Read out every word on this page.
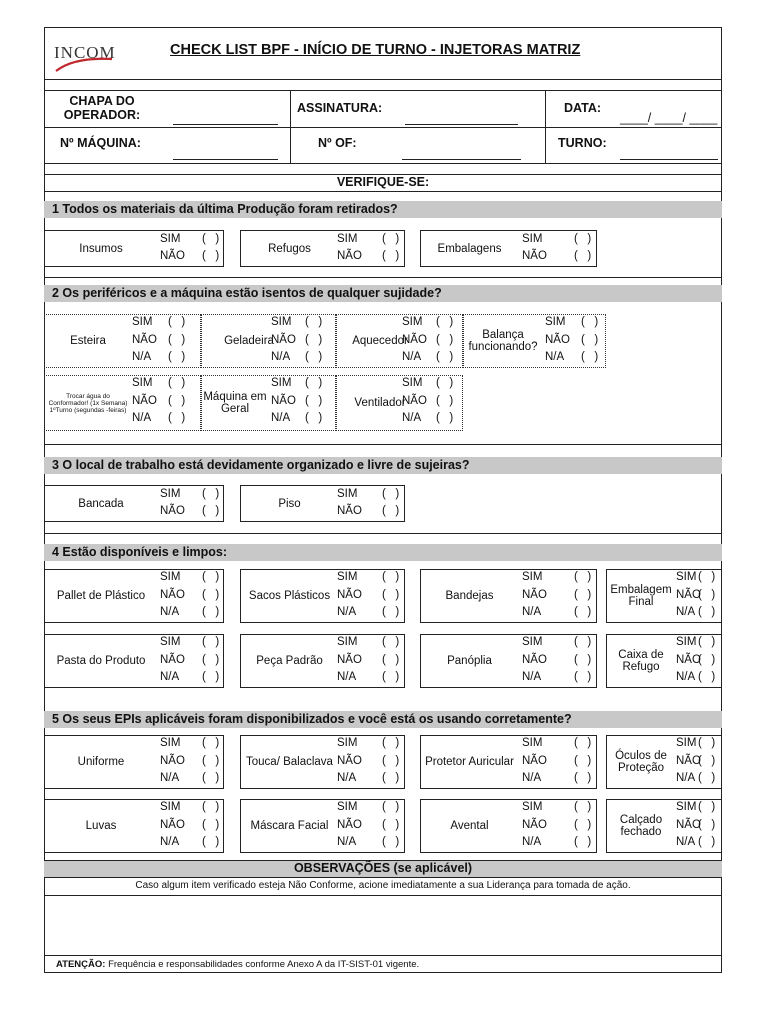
INCOM	CHECK LIST BPF - INÍCIO DE TURNO - INJETORAS MATRIZ
CHAPA DO
OPERADOR:	ASSINATURA:	DATA:
____/ ____/ ____
Nº MÁQUINA:	Nº OF:	TURNO:
VERIFIQUE-SE:
1 Todos os materiais da última Produção foram retirados?
2 Os periféricos e a máquina estão isentos de qualquer sujidade?
3 O local de trabalho está devidamente organizado e livre de sujeiras?
4 Estão disponíveis e limpos:
5 Os seus EPIs aplicáveis foram disponibilizados e você está os usando corretamente?
OBSERVAÇÕES (se aplicável)
Caso algum item verificado esteja Não Conforme, acione imediatamente a sua Liderança para tomada de ação.
ATENÇÃO: Frequência e responsabilidades conforme Anexo A da IT-SIST-01 vigente.
Insumos
SIM (   )
NÃO (   )
Refugos
SIM (   )
NÃO (   )
Embalagens
SIM	(   )
NÃO (   )
Esteira
SIM (   )
NÃO (   )
N/A (   )
Geladeira
SIM (   )
NÃO (   )
N/A (   )
Aquecedor
SIM (   )
NÃO (   )
N/A (   )
Balança funcionando?
SIM (   )
NÃO (   )
N/A (   )
Trocar água do Conformador! (1x Semana) 1ºTurno (segundas -feiras)
SIM (   )
NÃO (   )
N/A (   )
Máquina em Geral
SIM (   )
NÃO (   )
N/A (   )
Ventilador
SIM (   )
NÃO (   )
N/A (   )
Bancada
SIM (   )
NÃO (   )
Piso
SIM (   )
NÃO (   )
Pallet de Plástico
SIM (   )
NÃO (   )
N/A (   )
Sacos Plásticos
SIM (   )
NÃO (   )
N/A (   )
Bandejas
SIM	(   )
NÃO (   )
N/A	(   )
Embalagem Final
SIM (   )
NÃO
(   )
N/A (   )
Pasta do Produto
SIM (   )
NÃO (   )
N/A (   )
Peça Padrão
SIM (   )
NÃO (   )
N/A (   )
Panóplia
SIM	(   )
NÃO (   )
N/A	(   )
Caixa de Refugo
SIM (   )
NÃO
(   )
N/A (   )
Uniforme
SIM (   )
NÃO (   )
N/A (   )
Touca/ Balaclava
SIM (   )
NÃO (   )
N/A (   )
Protetor Auricular
SIM	(   )
NÃO (   )
N/A	(   )
Óculos de Proteção
SIM (   )
NÃO
(   )
N/A (   )
Luvas
SIM (   )
NÃO (   )
N/A (   )
Máscara Facial
SIM (   )
NÃO (   )
N/A (   )
Avental
SIM	(   )
NÃO (   )
N/A	(   )
Calçado fechado
SIM (   )
NÃO
(   )
N/A (   )
